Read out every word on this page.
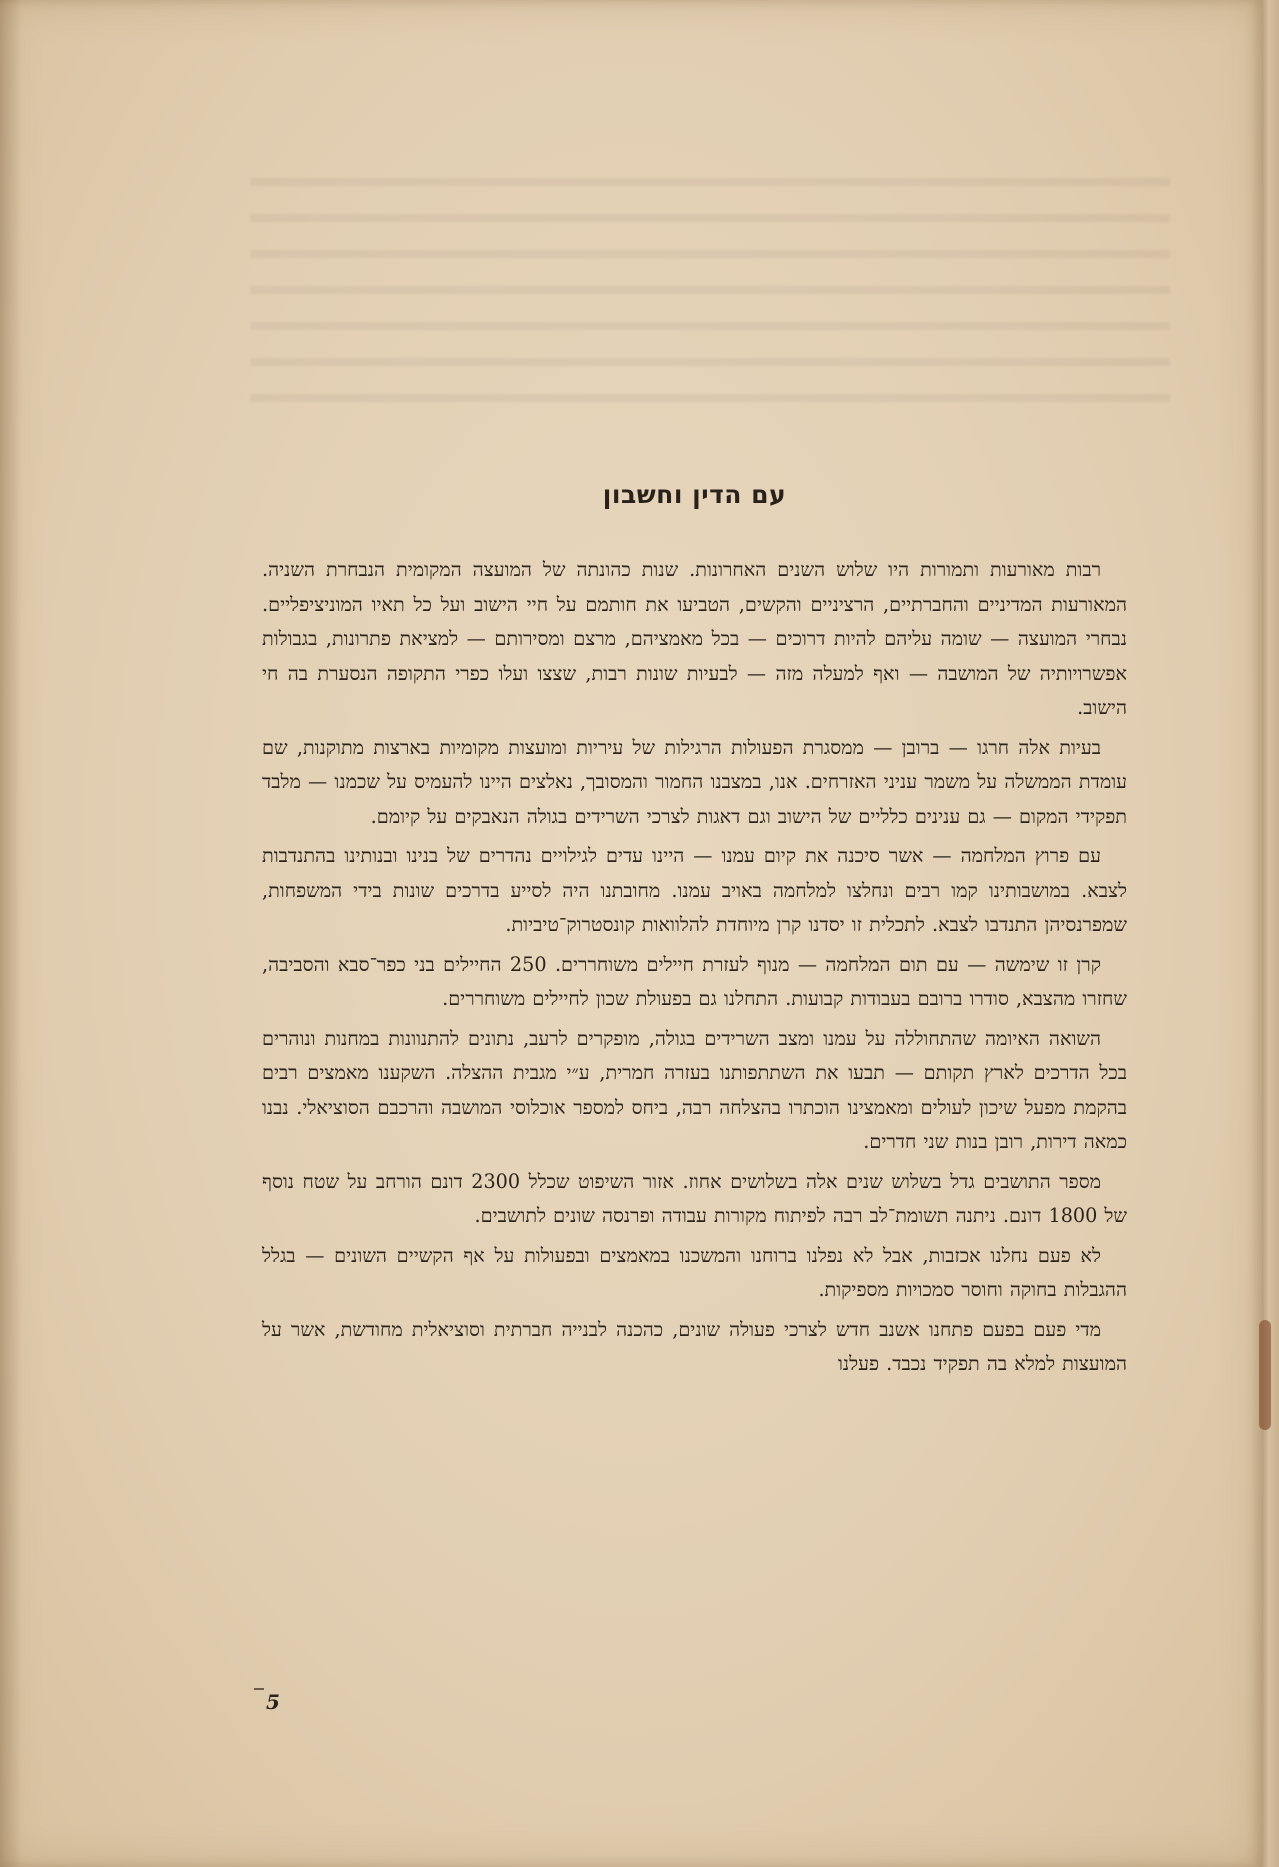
עם הדין וחשבון

רבות מאורעות ותמורות היו שלוש השנים האחרונות. שנות כהונתה של המועצה המקומית הנבחרת השניה. המאורעות המדיניים והחברתיים, הרציניים והקשים, הטביעו את חותמם על חיי הישוב ועל כל תאיו המוניציפליים. נבחרי המועצה — שומה עליהם להיות דרוכים — בכל מאמציהם, מרצם ומסירותם — למציאת פתרונות, בגבולות אפשרויותיה של המושבה — ואף למעלה מזה — לבעיות שונות רבות, שצצו ועלו כפרי התקופה הנסערת בה חי הישוב.

בעיות אלה חרגו — ברובן — ממסגרת הפעולות הרגילות של עיריות ומועצות מקומיות בארצות מתוקנות, שם עומדת הממשלה על משמר עניני האזרחים. אנו, במצבנו החמור והמסובך, נאלצים היינו להעמיס על שכמנו — מלבד תפקידי המקום — גם ענינים כלליים של הישוב וגם דאגות לצרכי השרידים בגולה הנאבקים על קיומם.

עם פרוץ המלחמה — אשר סיכנה את קיום עמנו — היינו עדים לגילויים נהדרים של בנינו ובנותינו בהתנדבות לצבא. במושבותינו קמו רבים ונחלצו למלחמה באויב עמנו. מחובתנו היה לסייע בדרכים שונות בידי המשפחות, שמפרנסיהן התנדבו לצבא. לתכלית זו יסדנו קרן מיוחדת להלוואות קונסטרוק־טיביות.

קרן זו שימשה — עם תום המלחמה — מנוף לעזרת חיילים משוחררים. 250 החיילים בני כפר־סבא והסביבה, שחזרו מהצבא, סודרו ברובם בעבודות קבועות. התחלנו גם בפעולת שכון לחיילים משוחררים.

השואה האיומה שהתחוללה על עמנו ומצב השרידים בגולה, מופקרים לרעב, נתונים להתנוונות במחנות ונוהרים בכל הדרכים לארץ תקותם — תבעו את השתתפותנו בעזרה חמרית, ע״י מגבית ההצלה. השקענו מאמצים רבים בהקמת מפעל שיכון לעולים ומאמצינו הוכתרו בהצלחה רבה, ביחס למספר אוכלוסי המושבה והרכבם הסוציאלי. נבנו כמאה דירות, רובן בנות שני חדרים.

מספר התושבים גדל בשלוש שנים אלה בשלושים אחוז. אזור השיפוט שכלל 2300 דונם הורחב על שטח נוסף של 1800 דונם. ניתנה תשומת־לב רבה לפיתוח מקורות עבודה ופרנסה שונים לתושבים.

לא פעם נחלנו אכזבות, אבל לא נפלנו ברוחנו והמשכנו במאמצים ובפעולות על אף הקשיים השונים — בגלל ההגבלות בחוקה וחוסר סמכויות מספיקות.

מדי פעם בפעם פתחנו אשנב חדש לצרכי פעולה שונים, כהכנה לבנייה חברתית וסוציאלית מחודשת, אשר על המועצות למלא בה תפקיד נכבד. פעלנו

5
